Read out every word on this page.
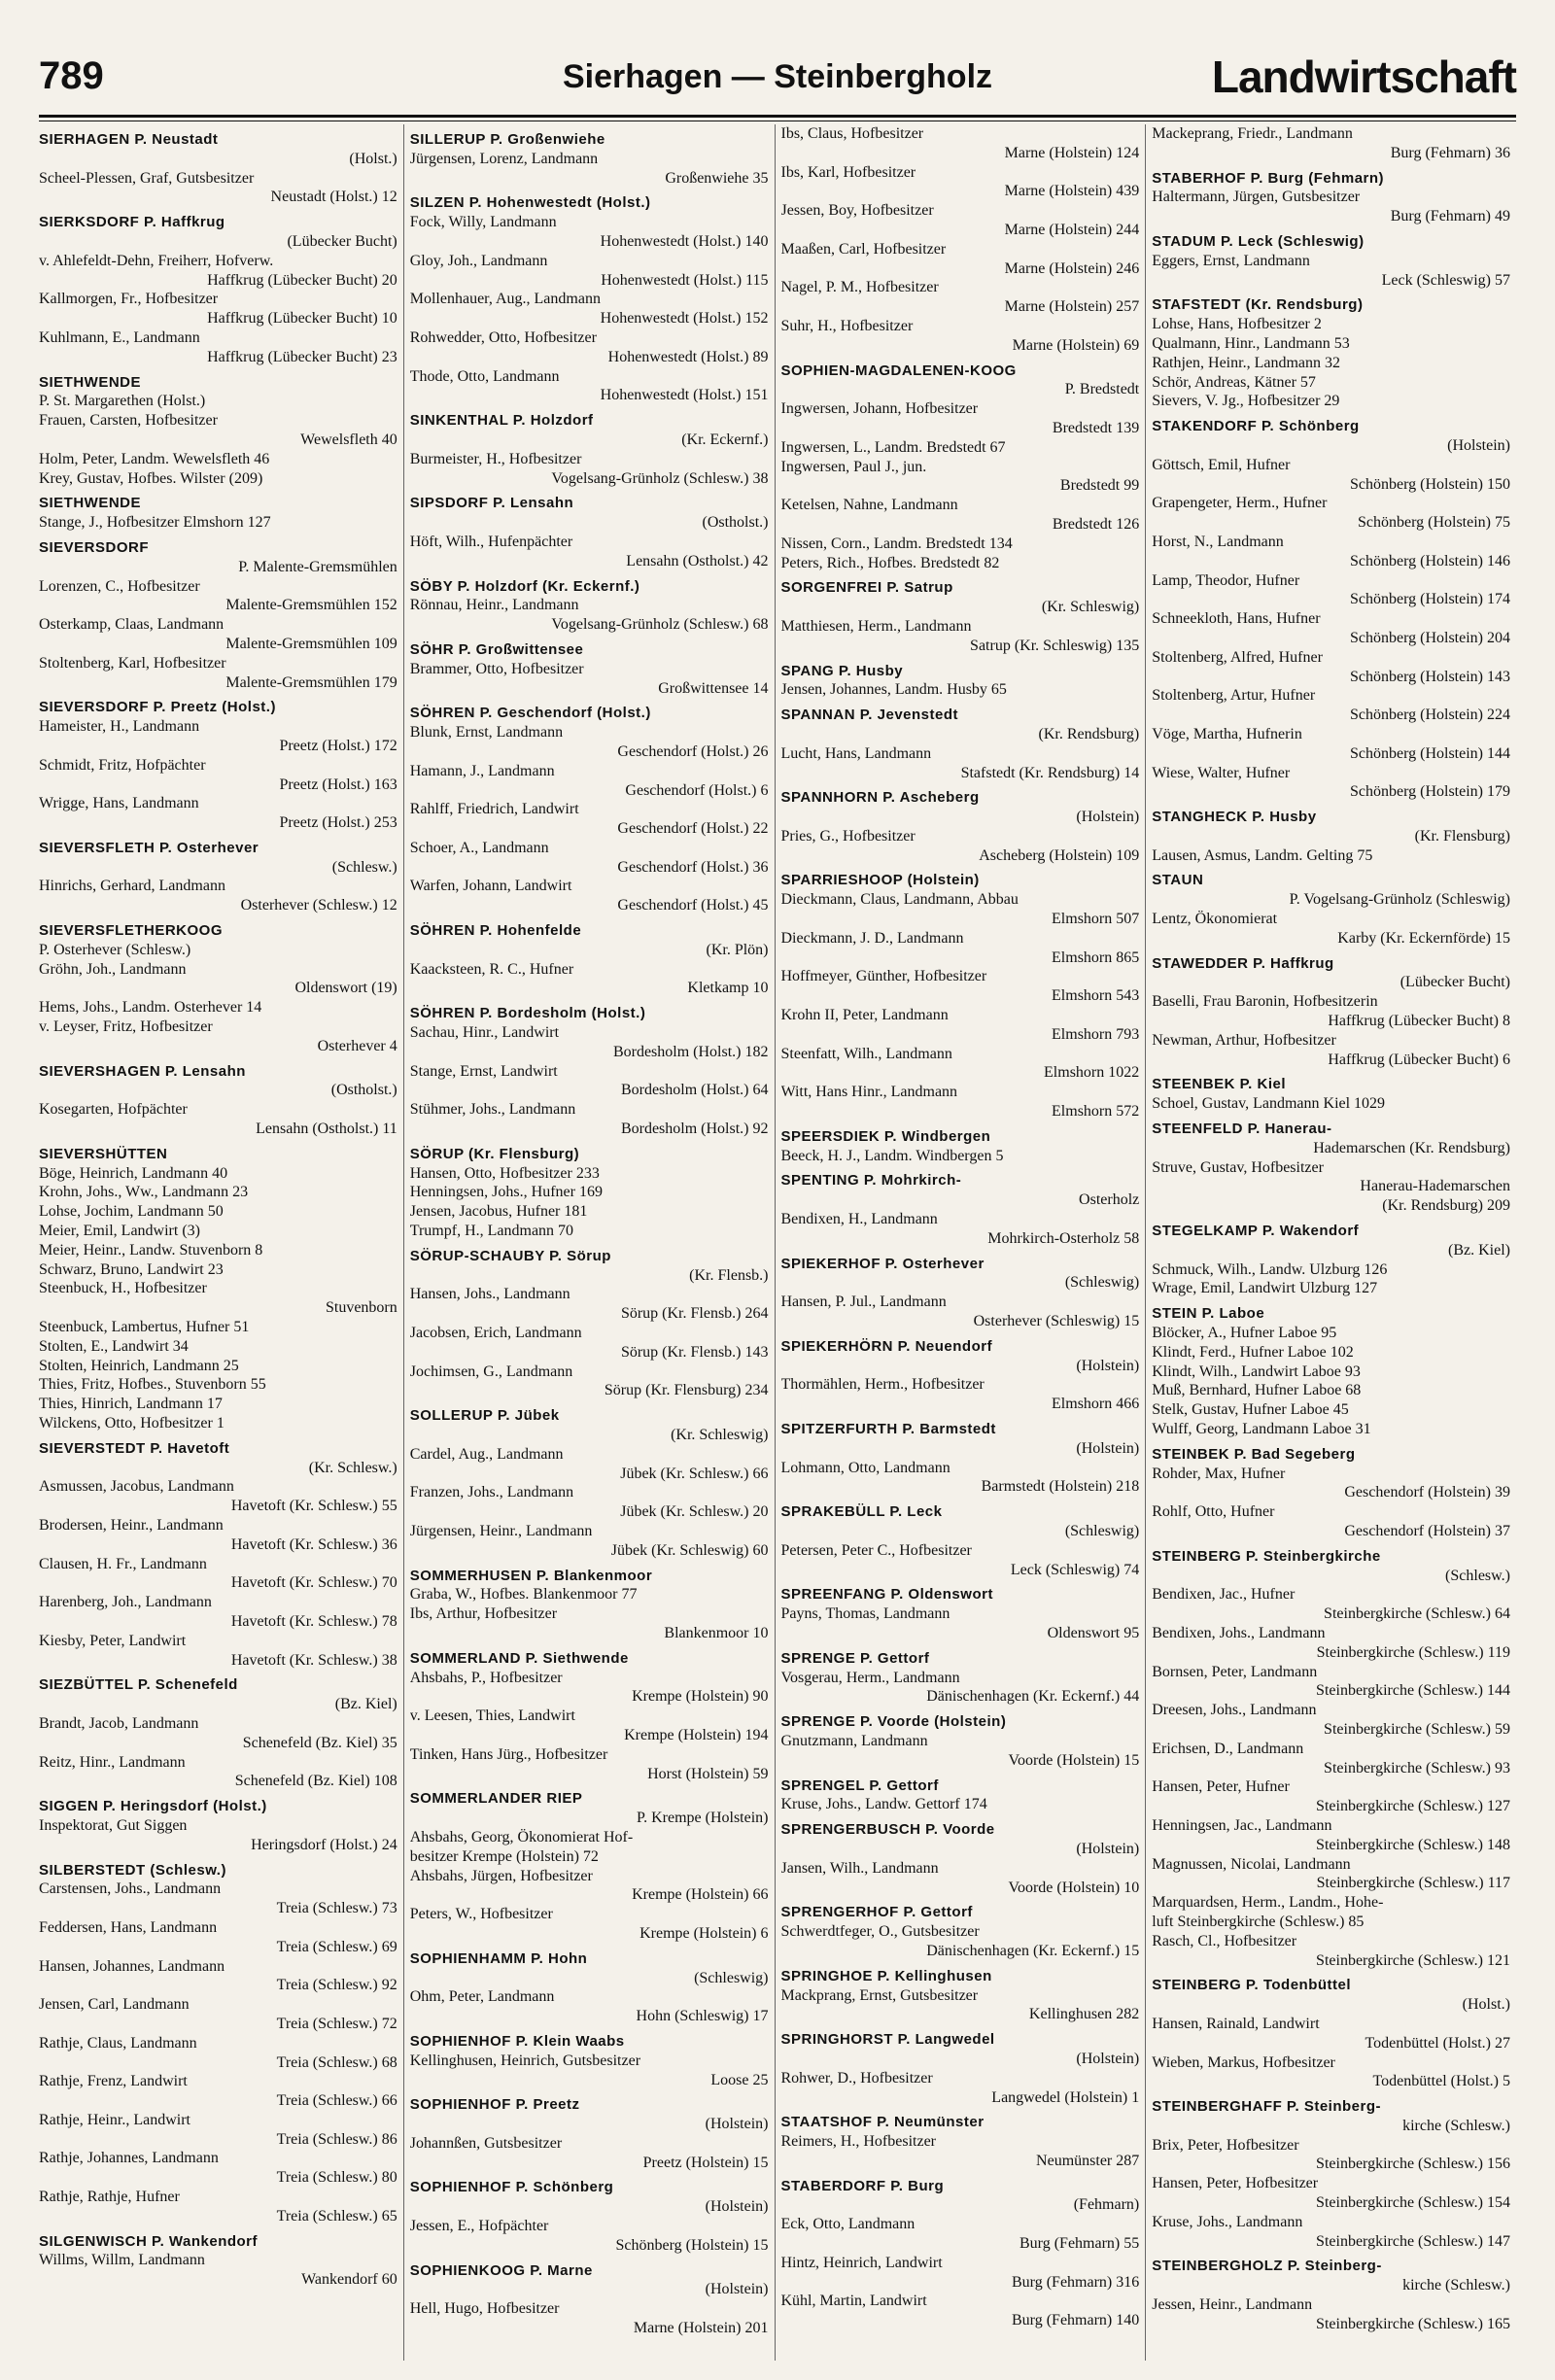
789	Sierhagen — Steinbergholz	Landwirtschaft
SIERHAGEN P. Neustadt
(Holst.)
Scheel-Plessen, Graf, Gutsbesitzer
Neustadt (Holst.) 12
SIERKSDORF P. Haffkrug
(Lübecker Bucht)
v. Ahlefeldt-Dehn, Freiherr, Hofverw.
Haffkrug (Lübecker Bucht) 20
Kallmorgen, Fr., Hofbesitzer
Haffkrug (Lübecker Bucht) 10
Kuhlmann, E., Landmann
Haffkrug (Lübecker Bucht) 23
SIETHWENDE
P. St. Margarethen (Holst.)
Frauen, Carsten, Hofbesitzer
Wewelsfleth 40
Holm, Peter, Landm. Wewelsfleth 46
Krey, Gustav, Hofbes. Wilster (209)
SIETHWENDE
Stange, J., Hofbesitzer Elmshorn 127
SIEVERSDORF
P. Malente-Gremsmühlen
Lorenzen, C., Hofbesitzer
Malente-Gremsmühlen 152
Osterkamp, Claas, Landmann
Malente-Gremsmühlen 109
Stoltenberg, Karl, Hofbesitzer
Malente-Gremsmühlen 179
SIEVERSDORF P. Preetz (Holst.)
Hameister, H., Landmann
Preetz (Holst.) 172
Schmidt, Fritz, Hofpächter
Preetz (Holst.) 163
Wrigge, Hans, Landmann
Preetz (Holst.) 253
SIEVERSFLETH P. Osterhever
(Schlesw.)
Hinrichs, Gerhard, Landmann
Osterhever (Schlesw.) 12
SIEVERSFLETHERKOOG
P. Osterhever (Schlesw.)
Gröhn, Joh., Landmann
Oldenswort (19)
Hems, Johs., Landm. Osterhever 14
v. Leyser, Fritz, Hofbesitzer
Osterhever 4
SIEVERSHAGEN P. Lensahn
(Ostholst.)
Kosegarten, Hofpächter
Lensahn (Ostholst.) 11
SIEVERSHÜTTEN
Böge, Heinrich, Landmann 40
Krohn, Johs., Ww., Landmann 23
Lohse, Jochim, Landmann 50
Meier, Emil, Landwirt (3)
Meier, Heinr., Landw. Stuvenborn 8
Schwarz, Bruno, Landwirt 23
Steenbuck, H., Hofbesitzer
Stuvenborn
Steenbuck, Lambertus, Hufner 51
Stolten, E., Landwirt 34
Stolten, Heinrich, Landmann 25
Thies, Fritz, Hofbes., Stuvenborn 55
Thies, Hinrich, Landmann 17
Wilckens, Otto, Hofbesitzer 1
SIEVERSTEDT P. Havetoft
(Kr. Schlesw.)
Asmussen, Jacobus, Landmann
Havetoft (Kr. Schlesw.) 55
Brodersen, Heinr., Landmann
Havetoft (Kr. Schlesw.) 36
Clausen, H. Fr., Landmann
Havetoft (Kr. Schlesw.) 70
Harenberg, Joh., Landmann
Havetoft (Kr. Schlesw.) 78
Kiesby, Peter, Landwirt
Havetoft (Kr. Schlesw.) 38
SIEZBÜTTEL P. Schenefeld
(Bz. Kiel)
Brandt, Jacob, Landmann
Schenefeld (Bz. Kiel) 35
Reitz, Hinr., Landmann
Schenefeld (Bz. Kiel) 108
SIGGEN P. Heringsdorf (Holst.)
Inspektorat, Gut Siggen
Heringsdorf (Holst.) 24
SILBERSTEDT (Schlesw.)
Carstensen, Johs., Landmann
Treia (Schlesw.) 73
Feddersen, Hans, Landmann
Treia (Schlesw.) 69
Hansen, Johannes, Landmann
Treia (Schlesw.) 92
Jensen, Carl, Landmann
Treia (Schlesw.) 72
Rathje, Claus, Landmann
Treia (Schlesw.) 68
Rathje, Frenz, Landwirt
Treia (Schlesw.) 66
Rathje, Heinr., Landwirt
Treia (Schlesw.) 86
Rathje, Johannes, Landmann
Treia (Schlesw.) 80
Rathje, Rathje, Hufner
Treia (Schlesw.) 65
SILGENWISCH P. Wankendorf
Willms, Willm, Landmann
Wankendorf 60
SILLERUP P. Großenwiehe
Jürgensen, Lorenz, Landmann
Großenwiehe 35
SILZEN P. Hohenwestedt (Holst.)
Fock, Willy, Landmann
Hohenwestedt (Holst.) 140
Gloy, Joh., Landmann
Hohenwestedt (Holst.) 115
Mollenhauer, Aug., Landmann
Hohenwestedt (Holst.) 152
Rohwedder, Otto, Hofbesitzer
Hohenwestedt (Holst.) 89
Thode, Otto, Landmann
Hohenwestedt (Holst.) 151
SINKENTHAL P. Holzdorf
(Kr. Eckernf.)
Burmeister, H., Hofbesitzer
Vogelsang-Grünholz (Schlesw.) 38
SIPSDORF P. Lensahn
(Ostholst.)
Höft, Wilh., Hufenpächter
Lensahn (Ostholst.) 42
SÖBY P. Holzdorf (Kr. Eckernf.)
Rönnau, Heinr., Landmann
Vogelsang-Grünholz (Schlesw.) 68
SÖHR P. Großwittensee
Brammer, Otto, Hofbesitzer
Großwittensee 14
SÖHREN P. Geschendorf (Holst.)
Blunk, Ernst, Landmann
Geschendorf (Holst.) 26
Hamann, J., Landmann
Geschendorf (Holst.) 6
Rahlff, Friedrich, Landwirt
Geschendorf (Holst.) 22
Schoer, A., Landmann
Geschendorf (Holst.) 36
Warfen, Johann, Landwirt
Geschendorf (Holst.) 45
SÖHREN P. Hohenfelde
(Kr. Plön)
Kaacksteen, R. C., Hufner
Kletkamp 10
SÖHREN P. Bordesholm (Holst.)
Sachau, Hinr., Landwirt
Bordesholm (Holst.) 182
Stange, Ernst, Landwirt
Bordesholm (Holst.) 64
Stühmer, Johs., Landmann
Bordesholm (Holst.) 92
SÖRUP (Kr. Flensburg)
Hansen, Otto, Hofbesitzer 233
Henningsen, Johs., Hufner 169
Jensen, Jacobus, Hufner 181
Trumpf, H., Landmann 70
SÖRUP-SCHAUBY P. Sörup
(Kr. Flensb.)
Hansen, Johs., Landmann
Sörup (Kr. Flensb.) 264
Jacobsen, Erich, Landmann
Sörup (Kr. Flensb.) 143
Jochimsen, G., Landmann
Sörup (Kr. Flensburg) 234
SOLLERUP P. Jübek
(Kr. Schleswig)
Cardel, Aug., Landmann
Jübek (Kr. Schlesw.) 66
Franzen, Johs., Landmann
Jübek (Kr. Schlesw.) 20
Jürgensen, Heinr., Landmann
Jübek (Kr. Schleswig) 60
SOMMERHUSEN P. Blankenmoor
Graba, W., Hofbes. Blankenmoor 77
Ibs, Arthur, Hofbesitzer
Blankenmoor 10
SOMMERLAND P. Siethwende
Ahsbahs, P., Hofbesitzer
Krempe (Holstein) 90
v. Leesen, Thies, Landwirt
Krempe (Holstein) 194
Tinken, Hans Jürg., Hofbesitzer
Horst (Holstein) 59
SOMMERLANDER RIEP
P. Krempe (Holstein)
Ahsbahs, Georg, Ökonomierat Hof-
besitzer Krempe (Holstein) 72
Ahsbahs, Jürgen, Hofbesitzer
Krempe (Holstein) 66
Peters, W., Hofbesitzer
Krempe (Holstein) 6
SOPHIENHAMM P. Hohn
(Schleswig)
Ohm, Peter, Landmann
Hohn (Schleswig) 17
SOPHIENHOF P. Klein Waabs
Kellinghusen, Heinrich, Gutsbesitzer
Loose 25
SOPHIENHOF P. Preetz
(Holstein)
Johannßen, Gutsbesitzer
Preetz (Holstein) 15
SOPHIENHOF P. Schönberg
(Holstein)
Jessen, E., Hofpächter
Schönberg (Holstein) 15
SOPHIENKOOG P. Marne
(Holstein)
Hell, Hugo, Hofbesitzer
Marne (Holstein) 201
Ibs, Claus, Hofbesitzer
Marne (Holstein) 124
Ibs, Karl, Hofbesitzer
Marne (Holstein) 439
Jessen, Boy, Hofbesitzer
Marne (Holstein) 244
Maaßen, Carl, Hofbesitzer
Marne (Holstein) 246
Nagel, P. M., Hofbesitzer
Marne (Holstein) 257
Suhr, H., Hofbesitzer
Marne (Holstein) 69
SOPHIEN-MAGDALENEN-KOOG
P. Bredstedt
Ingwersen, Johann, Hofbesitzer
Bredstedt 139
Ingwersen, L., Landm. Bredstedt 67
Ingwersen, Paul J., jun.
Bredstedt 99
Ketelsen, Nahne, Landmann
Bredstedt 126
Nissen, Corn., Landm. Bredstedt 134
Peters, Rich., Hofbes. Bredstedt 82
SORGENFREI P. Satrup
(Kr. Schleswig)
Matthiesen, Herm., Landmann
Satrup (Kr. Schleswig) 135
SPANG P. Husby
Jensen, Johannes, Landm. Husby 65
SPANNAN P. Jevenstedt
(Kr. Rendsburg)
Lucht, Hans, Landmann
Stafstedt (Kr. Rendsburg) 14
SPANNHORN P. Ascheberg
(Holstein)
Pries, G., Hofbesitzer
Ascheberg (Holstein) 109
SPARRIESHOOP (Holstein)
Dieckmann, Claus, Landmann, Abbau
Elmshorn 507
Dieckmann, J. D., Landmann
Elmshorn 865
Hoffmeyer, Günther, Hofbesitzer
Elmshorn 543
Krohn II, Peter, Landmann
Elmshorn 793
Steenfatt, Wilh., Landmann
Elmshorn 1022
Witt, Hans Hinr., Landmann
Elmshorn 572
SPEERSDIEK P. Windbergen
Beeck, H. J., Landm. Windbergen 5
SPENTING P. Mohrkirch-
Osterholz
Bendixen, H., Landmann
Mohrkirch-Osterholz 58
SPIEKERHOF P. Osterhever
(Schleswig)
Hansen, P. Jul., Landmann
Osterhever (Schleswig) 15
SPIEKERHÖRN P. Neuendorf
(Holstein)
Thormählen, Herm., Hofbesitzer
Elmshorn 466
SPITZERFURTH P. Barmstedt
(Holstein)
Lohmann, Otto, Landmann
Barmstedt (Holstein) 218
SPRAKEBÜLL P. Leck
(Schleswig)
Petersen, Peter C., Hofbesitzer
Leck (Schleswig) 74
SPREENFANG P. Oldenswort
Payns, Thomas, Landmann
Oldenswort 95
SPRENGE P. Gettorf
Vosgerau, Herm., Landmann
Dänischenhagen (Kr. Eckernf.) 44
SPRENGE P. Voorde (Holstein)
Gnutzmann, Landmann
Voorde (Holstein) 15
SPRENGEL P. Gettorf
Kruse, Johs., Landw. Gettorf 174
SPRENGERBUSCH P. Voorde
(Holstein)
Jansen, Wilh., Landmann
Voorde (Holstein) 10
SPRENGERHOF P. Gettorf
Schwerdtfeger, O., Gutsbesitzer
Dänischenhagen (Kr. Eckernf.) 15
SPRINGHOE P. Kellinghusen
Mackprang, Ernst, Gutsbesitzer
Kellinghusen 282
SPRINGHORST P. Langwedel
(Holstein)
Rohwer, D., Hofbesitzer
Langwedel (Holstein) 1
STAATSHOF P. Neumünster
Reimers, H., Hofbesitzer
Neumünster 287
STABERDORF P. Burg
(Fehmarn)
Eck, Otto, Landmann
Burg (Fehmarn) 55
Hintz, Heinrich, Landwirt
Burg (Fehmarn) 316
Kühl, Martin, Landwirt
Burg (Fehmarn) 140
Mackeprang, Friedr., Landmann
Burg (Fehmarn) 36
STABERHOF P. Burg (Fehmarn)
Haltermann, Jürgen, Gutsbesitzer
Burg (Fehmarn) 49
STADUM P. Leck (Schleswig)
Eggers, Ernst, Landmann
Leck (Schleswig) 57
STAFSTEDT (Kr. Rendsburg)
Lohse, Hans, Hofbesitzer 2
Qualmann, Hinr., Landmann 53
Rathjen, Heinr., Landmann 32
Schör, Andreas, Kätner 57
Sievers, V. Jg., Hofbesitzer 29
STAKENDORF P. Schönberg
(Holstein)
Göttsch, Emil, Hufner
Schönberg (Holstein) 150
Grapengeter, Herm., Hufner
Schönberg (Holstein) 75
Horst, N., Landmann
Schönberg (Holstein) 146
Lamp, Theodor, Hufner
Schönberg (Holstein) 174
Schneekloth, Hans, Hufner
Schönberg (Holstein) 204
Stoltenberg, Alfred, Hufner
Schönberg (Holstein) 143
Stoltenberg, Artur, Hufner
Schönberg (Holstein) 224
Vöge, Martha, Hufnerin
Schönberg (Holstein) 144
Wiese, Walter, Hufner
Schönberg (Holstein) 179
STANGHECK P. Husby
(Kr. Flensburg)
Lausen, Asmus, Landm. Gelting 75
STAUN
P. Vogelsang-Grünholz (Schleswig)
Lentz, Ökonomierat
Karby (Kr. Eckernförde) 15
STAWEDDER P. Haffkrug
(Lübecker Bucht)
Baselli, Frau Baronin, Hofbesitzerin
Haffkrug (Lübecker Bucht) 8
Newman, Arthur, Hofbesitzer
Haffkrug (Lübecker Bucht) 6
STEENBEK P. Kiel
Schoel, Gustav, Landmann Kiel 1029
STEENFELD P. Hanerau-
Hademarschen (Kr. Rendsburg)
Struve, Gustav, Hofbesitzer
Hanerau-Hademarschen
(Kr. Rendsburg) 209
STEGELKAMP P. Wakendorf
(Bz. Kiel)
Schmuck, Wilh., Landw. Ulzburg 126
Wrage, Emil, Landwirt Ulzburg 127
STEIN P. Laboe
Blöcker, A., Hufner Laboe 95
Klindt, Ferd., Hufner Laboe 102
Klindt, Wilh., Landwirt Laboe 93
Muß, Bernhard, Hufner Laboe 68
Stelk, Gustav, Hufner Laboe 45
Wulff, Georg, Landmann Laboe 31
STEINBEK P. Bad Segeberg
Rohder, Max, Hufner
Geschendorf (Holstein) 39
Rohlf, Otto, Hufner
Geschendorf (Holstein) 37
STEINBERG P. Steinbergkirche
(Schlesw.)
Bendixen, Jac., Hufner
Steinbergkirche (Schlesw.) 64
Bendixen, Johs., Landmann
Steinbergkirche (Schlesw.) 119
Bornsen, Peter, Landmann
Steinbergkirche (Schlesw.) 144
Dreesen, Johs., Landmann
Steinbergkirche (Schlesw.) 59
Erichsen, D., Landmann
Steinbergkirche (Schlesw.) 93
Hansen, Peter, Hufner
Steinbergkirche (Schlesw.) 127
Henningsen, Jac., Landmann
Steinbergkirche (Schlesw.) 148
Magnussen, Nicolai, Landmann
Steinbergkirche (Schlesw.) 117
Marquardsen, Herm., Landm., Hohe-
luft Steinbergkirche (Schlesw.) 85
Rasch, Cl., Hofbesitzer
Steinbergkirche (Schlesw.) 121
STEINBERG P. Todenbüttel
(Holst.)
Hansen, Rainald, Landwirt
Todenbüttel (Holst.) 27
Wieben, Markus, Hofbesitzer
Todenbüttel (Holst.) 5
STEINBERGHAFF P. Steinberg-
kirche (Schlesw.)
Brix, Peter, Hofbesitzer
Steinbergkirche (Schlesw.) 156
Hansen, Peter, Hofbesitzer
Steinbergkirche (Schlesw.) 154
Kruse, Johs., Landmann
Steinbergkirche (Schlesw.) 147
STEINBERGHOLZ P. Steinberg-
kirche (Schlesw.)
Jessen, Heinr., Landmann
Steinbergkirche (Schlesw.) 165
